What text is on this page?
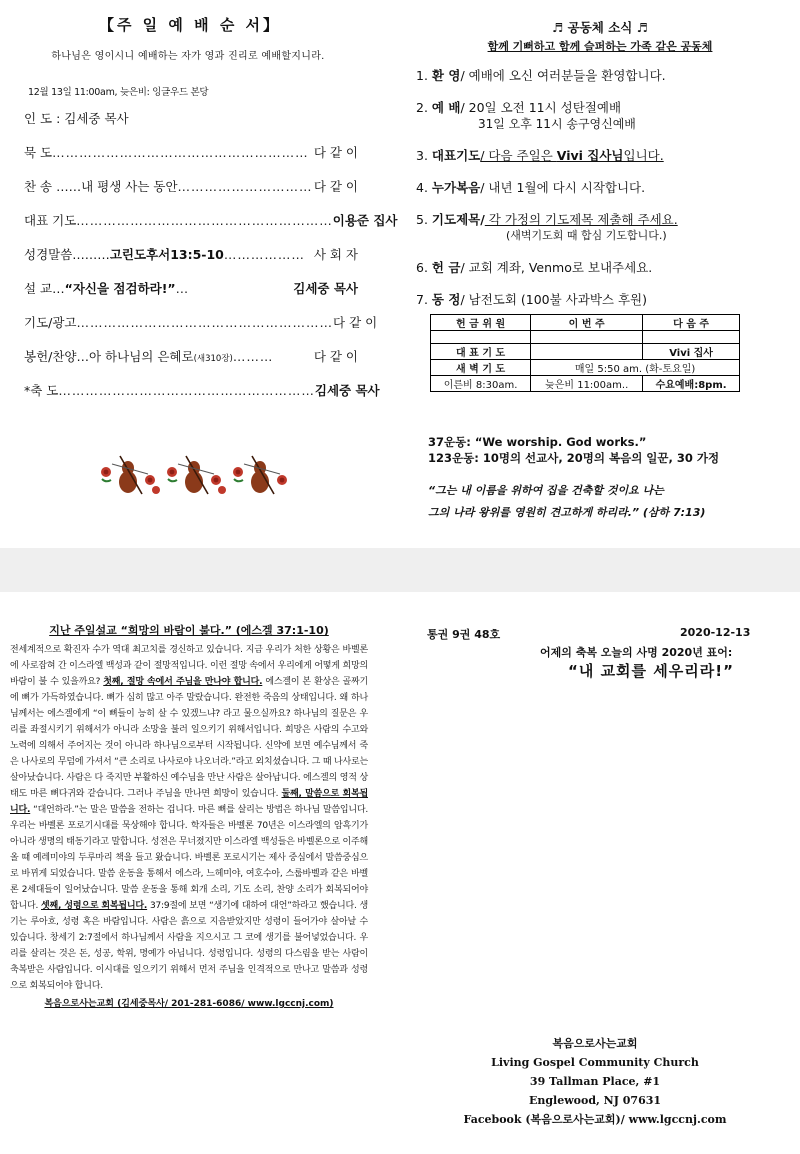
【주 일 예 배 순 서】
하나님은 영이시니 예배하는 자가 영과 진리로 예배할지니라.
12월 13일 11:00am, 늦은비: 잉글우드 본당
인 도 : 김세중 목사
묵 도 ………………………………………………… 다 같 이
찬 송 ……내 평생 사는 동안 ………………………… 다 같 이
대표 기도 ………………………………………………… 이용준 집사
성경말씀……… 고린도후서13:5-10 ……………… 사 회 자
설 교… “자신을 점검하라!” …	김세중 목사
기도/광고 ………………………………………………… 다 같 이
봉헌/찬양…아 하나님의 은혜로 (새310장) ………	다 같 이
*축 도 ………………………………………………… 김세중 목사
♬ 공동체 소식 ♬
함께 기뻐하고 함께 슬퍼하는 가족 같은 공동체
1. 환 영/ 예배에 오신 여러분들을 환영합니다.
2. 예 배/ 20일 오전 11시 성탄절예배
31일 오후 11시 송구영신예배
3. 대표기도/ 다음 주일은 Vivi 집사님입니다.
4. 누가복음/ 내년 1월에 다시 시작합니다.
5. 기도제목/ 각 가정의 기도제목 제출해 주세요.
(새벽기도회 때 합심 기도합니다.)
6. 헌 금/ 교회 계좌, Venmo로 보내주세요.
7. 동 정/ 남전도회 (100불 사과박스 후원)
헌 금 위 원	이 번 주	다 음 주

대 표 기 도		Vivi 집사
새 벽 기 도	매일 5:50 am. (화-토요일)	
이른비 8:30am.	늦은비 11:00am..	수요예배:8pm.
37운동: “We worship. God works.”
123운동: 10명의 선교사, 20명의 복음의 일꾼, 30 가정
“그는 내 이름을 위하여 집을 건축할 것이요 나는
그의 나라 왕위를 영원히 견고하게 하리라.” (삼하 7:13)
지난 주일설교 “희망의 바람이 불다.” (에스겔 37:1-10)
전세계적으로 확진자 수가 역대 최고치를 경신하고 있습니다. 지금 우리가 처한 상황은 바벨론에 사로잡혀 간 이스라엘 백성과 같이 절망적입니다. 이런 절망 속에서 우리에게 어떻게 희망의 바람이 불 수 있을까요? 첫째, 절망 속에서 주님을 만나야 합니다. 에스겔이 본 환상은 골짜기에 뼈가 가득하였습니다. 뼈가 심히 많고 아주 말랐습니다. 완전한 죽음의 상태입니다. 왜 하나님께서는 에스겔에게 “이 뼈들이 능히 살 수 있겠느냐? 라고 물으실까요? 하나님의 질문은 우리를 좌절시키기 위해서가 아니라 소망을 불러 일으키기 위해서입니다. 희망은 사람의 수고와 노력에 의해서 주어지는 것이 아니라 하나님으로부터 시작됩니다. 신약에 보면 예수님께서 죽은 나사로의 무덤에 가셔서 “큰 소리로 나사로야 나오너라.”라고 외치셨습니다. 그 때 나사로는 살아났습니다. 사람은 다 죽지만 부활하신 예수님을 만난 사람은 살아납니다. 에스겔의 영적 상태도 마른 뼈다귀와 같습니다. 그러나 주님을 만나면 희망이 있습니다. 둘째, 말씀으로 회복됩니다. “대언하라.”는 말은 말씀을 전하는 겁니다. 마른 뼈를 살리는 방법은 하나님 말씀입니다. 우리는 바벨론 포로기시대를 묵상해야 합니다. 학자들은 바벨론 70년은 이스라엘의 암흑기가 아니라 생명의 태동기라고 말합니다. 성전은 무너졌지만 이스라엘 백성들은 바벨론으로 이주해 올 때 예레미야의 두루마리 책을 들고 왔습니다. 바벨론 포로시기는 제사 중심에서 말씀중심으로 바뀌게 되었습니다. 말씀 운동을 통해서 에스라, 느헤미야, 여호수아, 스룹바벨과 같은 바벨론 2세대들이 일어났습니다. 말씀 운동을 통해 회개 소리, 기도 소리, 찬양 소리가 회복되어야 합니다. 셋째, 성령으로 회복됩니다. 37:9절에 보면 “생기에 대하여 대언”하라고 했습니다. 생기는 루아흐, 성령 혹은 바람입니다. 사람은 흙으로 지음받았지만 성령이 들어가야 살아날 수 있습니다. 창세기 2:7절에서 하나님께서 사람을 지으시고 그 코에 생기를 불어넣었습니다. 우리를 살리는 것은 돈, 성공, 학위, 명예가 아닙니다. 성령입니다. 성령의 다스림을 받는 사람이 축복받은 사람입니다. 이시대를 일으키기 위해서 먼저 주님을 인격적으로 만나고 말씀과 성령으로 회복되어야 합니다.
복음으로사는교회 (김세중목사/ 201-281-6086/ www.lgccnj.com)
통권 9권 48호	2020-12-13
어제의 축복 오늘의 사명 2020년 표어:
“내 교회를 세우리라!”
복음으로사는교회
Living Gospel Community Church
39 Tallman Place, #1
Englewood, NJ 07631
Facebook (복음으로사는교회)/ www.lgccnj.com
